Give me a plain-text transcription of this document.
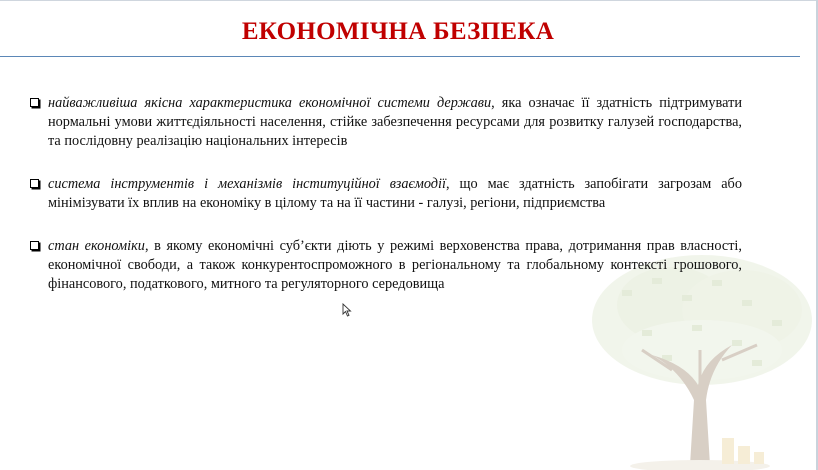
ЕКОНОМІЧНА БЕЗПЕКА
найважливіша якісна характеристика економічної системи держави, яка означає її здатність підтримувати нормальні умови життєдіяльності населення, стійке забезпечення ресурсами для розвитку галузей господарства, та послідовну реалізацію національних інтересів
система інструментів і механізмів інституційної взаємодії, що має здатність запобігати загрозам або мінімізувати їх вплив на економіку в цілому та на її частини - галузі, регіони, підприємства
стан економіки, в якому економічні суб’єкти діють у режимі верховенства права, дотримання прав власності, економічної свободи, а також конкурентоспроможного в регіональному та глобальному контексті грошового, фінансового, податкового, митного та регуляторного середовища
